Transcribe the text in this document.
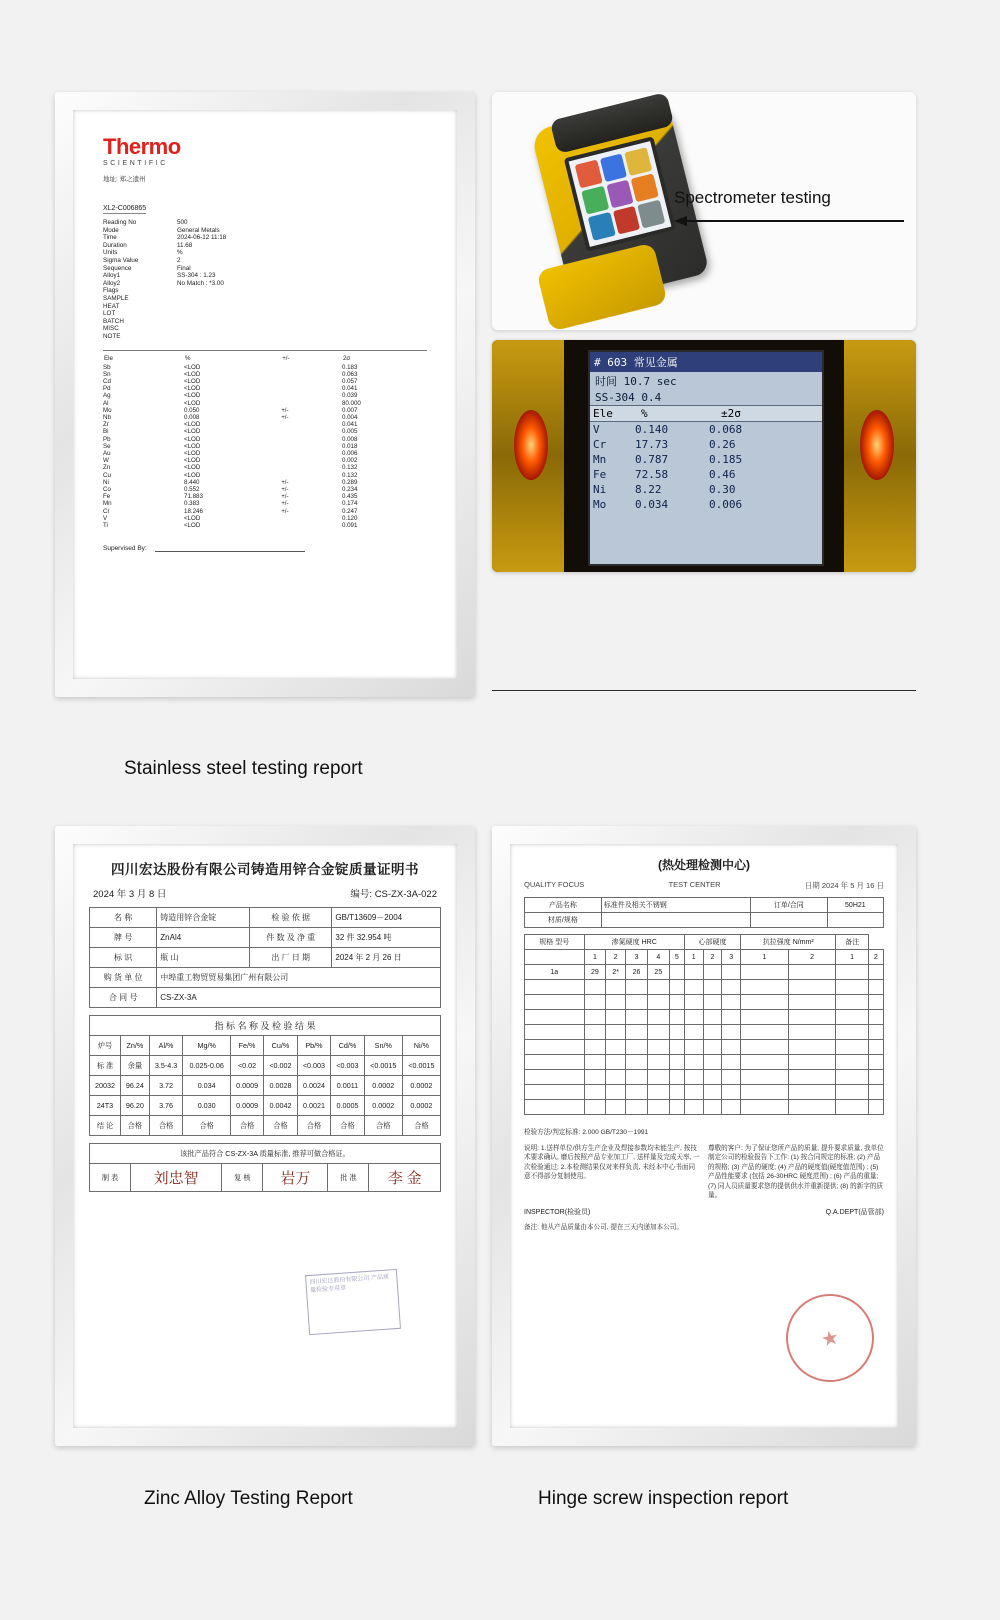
Thermo
SCIENTIFIC
地址: 郑之遗州
XL2-C006865
Reading No	500
Mode	General Metals
Time	2024-06-12 11:18
Duration	11.68
Units	%
Sigma Value	2
Sequence	Final
Alloy1	SS-304 : 1.23
Alloy2	No Match : *3.00
Flags
SAMPLE
HEAT
LOT
BATCH
MISC
NOTE
Ele	%	+/-	2σ
Sb	<LOD		0.183
Sn	<LOD		0.063
Cd	<LOD		0.057
Pd	<LOD		0.041
Ag	<LOD		0.039
Al	<LOD		80.000
Mo	0.050	+/-	0.007
Nb	0.008	+/-	0.004
Zr	<LOD		0.041
Bi	<LOD		0.005
Pb	<LOD		0.008
Se	<LOD		0.018
Au	<LOD		0.006
W	<LOD		0.002
Zn	<LOD		0.132
Cu	<LOD		0.132
Ni	8.440	+/-	0.289
Co	0.552	+/-	0.234
Fe	71.883	+/-	0.435
Mn	0.383	+/-	0.174
Cr	18.246	+/-	0.247
V	<LOD		0.120
Ti	<LOD		0.091
Supervised By:
Spectrometer testing
# 603 常见金属
时间 10.7 sec
SS-304 0.4
Ele	%	±2σ
V	0.140	0.068
Cr	17.73	0.26
Mn	0.787	0.185
Fe	72.58	0.46
Ni	8.22	0.30
Mo	0.034	0.006
Stainless steel testing report
四川宏达股份有限公司铸造用锌合金锭质量证明书
2024 年 3 月 8 日	编号: CS-ZX-3A-022
名 称	铸造用锌合金锭	检 验 依 据	GB/T13609－2004
牌 号	ZnAl4	件 数 及 净 重	32 件 32.954 吨
标 识	瓶 山	出 厂 日 期	2024 年 2 月 26 日
购 货 单 位	中埠重工物贸贸易集团广州有限公司		
合 同 号	CS-ZX-3A		
指 标 名 称 及 检 验 结 果									
炉号	Zn/%	Al/%	Mg/%	Fe/%	Cu/%	Pb/%	Cd/%	Sn/%	Ni/%
标 准	余量	3.5-4.3	0.025-0.06	<0.02	<0.002	<0.003	<0.003	<0.0015	<0.0015
20032	96.24	3.72	0.034	0.0009	0.0028	0.0024	0.0011	0.0002	0.0002
24T3	96.20	3.76	0.030	0.0009	0.0042	0.0021	0.0005	0.0002	0.0002
结 论	合格	合格	合格	合格	合格	合格	合格	合格	合格
该批产品符合 CS-ZX-3A 质量标准, 推荐可做合格证。
制 表	刘忠智	复 核	岩万	批 准	李 金
四川宏达股份有限公司 产品质量检验专用章
(热处理检测中心)
QUALITY FOCUS	TEST CENTER	日期 2024 年 5 月 16 日
产品名称	标准件及相关不锈钢	订单/合同	50H21
材质/规格			
规格 型号	渗氮硬度 HRC					心部硬度			抗拉强度 N/mm²		备注	
	1	2	3	4	5	1	2	3	1	2	1	2
1a	29	2*	26	25								

检验方法/判定标准: 2.000 GB/T230－1991
说明: 1.送样单位/供方生产企业及焊接参数均未能生产, 按技术要求确认, 磨后按照产品专业加工厂, 送样量及完成天率, 一次检验通过; 2.本检测结果仅对来样负责, 未经本中心书面同意不得部分复制使用。
尊敬的客户: 为了保证您所产品的质量, 提升要求质量, 我单位制定公司的检验报告下工作: (1) 按合同规定的标准; (2) 产品的规格; (3) 产品的硬度; (4) 产品的硬度值(硬度值范围) ; (5) 产品性能要求 (包括 26-30HRC 硬度范围) ; (6) 产品的重量; (7) 同人员质量要求您的提供供水并重新提供; (8) 的新字的质量。
INSPECTOR(检验员)	Q.A.DEPT(品管部)
备注: 他从产品质量由本公司, 提在三天内递加本公司。
★
Zinc Alloy Testing Report	Hinge screw inspection report
